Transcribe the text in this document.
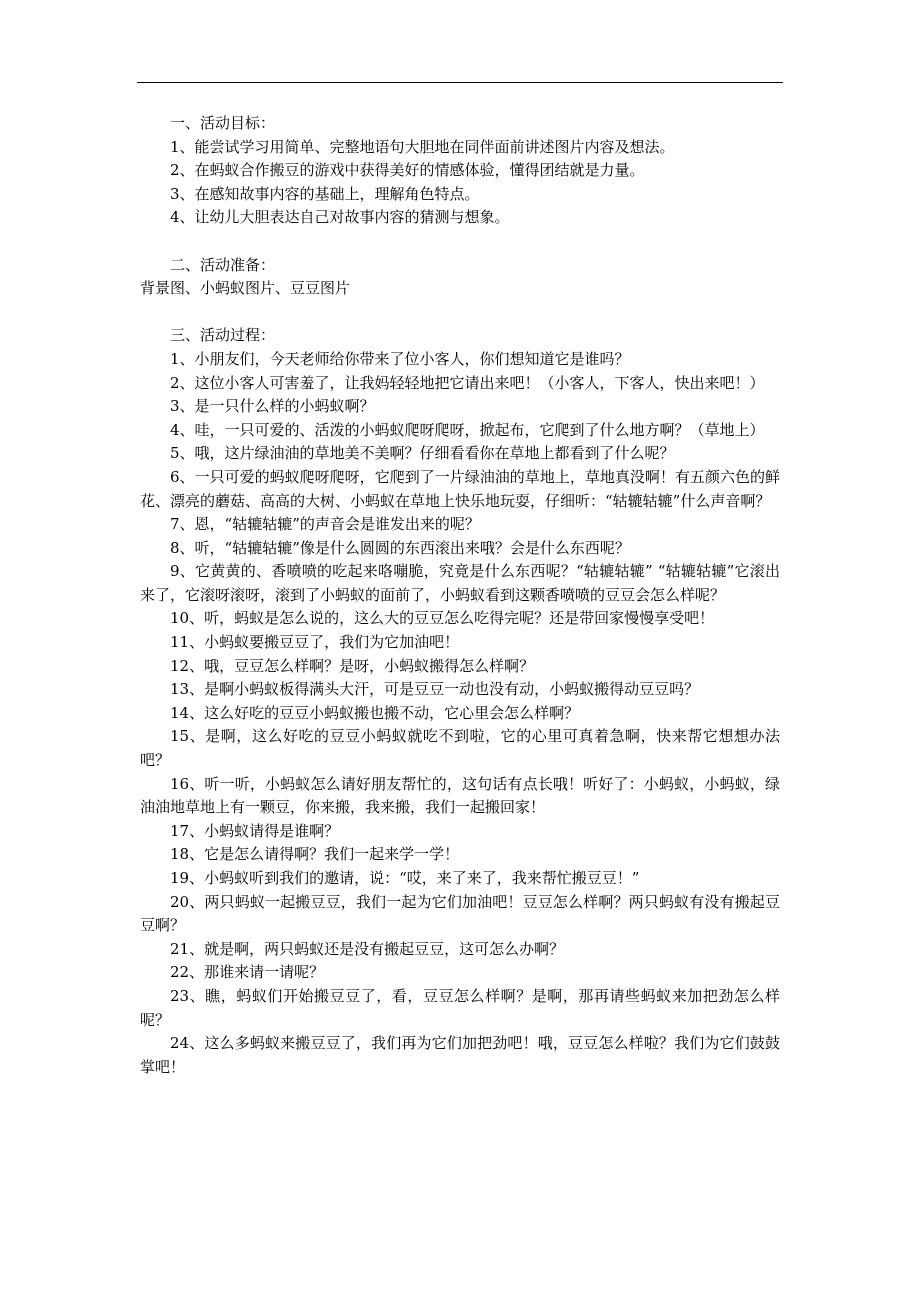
一、活动目标：

1、能尝试学习用简单、完整地语句大胆地在同伴面前讲述图片内容及想法。

2、在蚂蚁合作搬豆的游戏中获得美好的情感体验，懂得团结就是力量。

3、在感知故事内容的基础上，理解角色特点。

4、让幼儿大胆表达自己对故事内容的猜测与想象。

二、活动准备：

背景图、小蚂蚁图片、豆豆图片

三、活动过程：

1、小朋友们，今天老师给你带来了位小客人，你们想知道它是谁吗？

2、这位小客人可害羞了，让我妈轻轻地把它请出来吧！（小客人，下客人，快出来吧！）

3、是一只什么样的小蚂蚁啊？

4、哇，一只可爱的、活泼的小蚂蚁爬呀爬呀，掀起布，它爬到了什么地方啊？（草地上）

5、哦，这片绿油油的草地美不美啊？仔细看看你在草地上都看到了什么呢？

6、一只可爱的蚂蚁爬呀爬呀，它爬到了一片绿油油的草地上，草地真没啊！有五颜六色的鲜花、漂亮的蘑菇、高高的大树、小蚂蚁在草地上快乐地玩耍，仔细听：“轱辘轱辘”什么声音啊？

7、恩，“轱辘轱辘”的声音会是谁发出来的呢？

8、听，“轱辘轱辘”像是什么圆圆的东西滚出来哦？会是什么东西呢？

9、它黄黄的、香喷喷的吃起来咯嘣脆，究竟是什么东西呢？“轱辘轱辘” “轱辘轱辘”它滚出来了，它滚呀滚呀，滚到了小蚂蚁的面前了，小蚂蚁看到这颗香喷喷的豆豆会怎么样呢？

10、听，蚂蚁是怎么说的，这么大的豆豆怎么吃得完呢？还是带回家慢慢享受吧！

11、小蚂蚁要搬豆豆了，我们为它加油吧！

12、哦，豆豆怎么样啊？是呀，小蚂蚁搬得怎么样啊？

13、是啊小蚂蚁板得满头大汗，可是豆豆一动也没有动，小蚂蚁搬得动豆豆吗？

14、这么好吃的豆豆小蚂蚁搬也搬不动，它心里会怎么样啊？

15、是啊，这么好吃的豆豆小蚂蚁就吃不到啦，它的心里可真着急啊，快来帮它想想办法吧？

16、听一听，小蚂蚁怎么请好朋友帮忙的，这句话有点长哦！听好了：小蚂蚁，小蚂蚁，绿油油地草地上有一颗豆，你来搬，我来搬，我们一起搬回家！

17、小蚂蚁请得是谁啊？

18、它是怎么请得啊？我们一起来学一学！

19、小蚂蚁听到我们的邀请，说：“哎，来了来了，我来帮忙搬豆豆！”

20、两只蚂蚁一起搬豆豆，我们一起为它们加油吧！豆豆怎么样啊？两只蚂蚁有没有搬起豆豆啊？

21、就是啊，两只蚂蚁还是没有搬起豆豆，这可怎么办啊？

22、那谁来请一请呢？

23、瞧，蚂蚁们开始搬豆豆了，看，豆豆怎么样啊？是啊，那再请些蚂蚁来加把劲怎么样呢？

24、这么多蚂蚁来搬豆豆了，我们再为它们加把劲吧！哦，豆豆怎么样啦？我们为它们鼓鼓掌吧！
